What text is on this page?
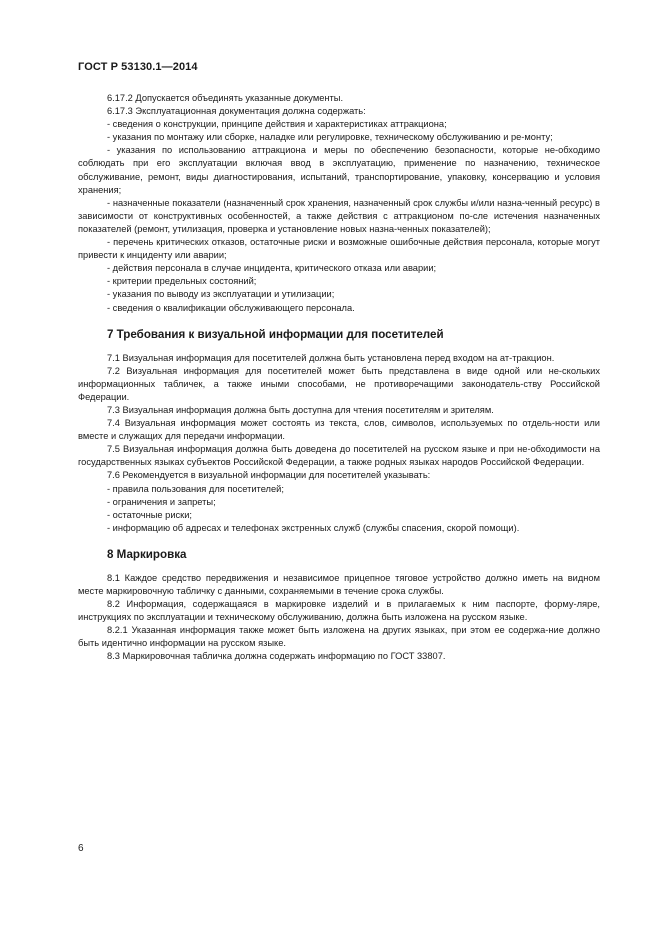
ГОСТ Р 53130.1—2014

6.17.2 Допускается объединять указанные документы.

6.17.3 Эксплуатационная документация должна содержать:

- сведения о конструкции, принципе действия и характеристиках аттракциона;

- указания по монтажу или сборке, наладке или регулировке, техническому обслуживанию и ре-монту;

- указания по использованию аттракциона и меры по обеспечению безопасности, которые не-обходимо соблюдать при его эксплуатации включая ввод в эксплуатацию, применение по назначению, техническое обслуживание, ремонт, виды диагностирования, испытаний, транспортирование, упаковку, консервацию и условия хранения;

- назначенные показатели (назначенный срок хранения, назначенный срок службы и/или назна-ченный ресурс) в зависимости от конструктивных особенностей, а также действия с аттракционом по-сле истечения назначенных показателей (ремонт, утилизация, проверка и установление новых назна-ченных показателей);

- перечень критических отказов, остаточные риски и возможные ошибочные действия персонала, которые могут привести к инциденту или аварии;

- действия персонала в случае инцидента, критического отказа или аварии;

- критерии предельных состояний;

- указания по выводу из эксплуатации и утилизации;

- сведения о квалификации обслуживающего персонала.

7 Требования к визуальной информации для посетителей

7.1 Визуальная информация для посетителей должна быть установлена перед входом на ат-тракцион.

7.2 Визуальная информация для посетителей может быть представлена в виде одной или не-скольких информационных табличек, а также иными способами, не противоречащими законодатель-ству Российской Федерации.

7.3 Визуальная информация должна быть доступна для чтения посетителям и зрителям.

7.4 Визуальная информация может состоять из текста, слов, символов, используемых по отдель-ности или вместе и служащих для передачи информации.

7.5 Визуальная информация должна быть доведена до посетителей на русском языке и при не-обходимости на государственных языках субъектов Российской Федерации, а также родных языках народов Российской Федерации.

7.6 Рекомендуется в визуальной информации для посетителей указывать:

- правила пользования для посетителей;

- ограничения и запреты;

- остаточные риски;

- информацию об адресах и телефонах экстренных служб (службы спасения, скорой помощи).

8 Маркировка

8.1 Каждое средство передвижения и независимое прицепное тяговое устройство должно иметь на видном месте маркировочную табличку с данными, сохраняемыми в течение срока службы.

8.2 Информация, содержащаяся в маркировке изделий и в прилагаемых к ним паспорте, форму-ляре, инструкциях по эксплуатации и техническому обслуживанию, должна быть изложена на русском языке.

8.2.1 Указанная информация также может быть изложена на других языках, при этом ее содержа-ние должно быть идентично информации на русском языке.

8.3 Маркировочная табличка должна содержать информацию по ГОСТ 33807.

6
